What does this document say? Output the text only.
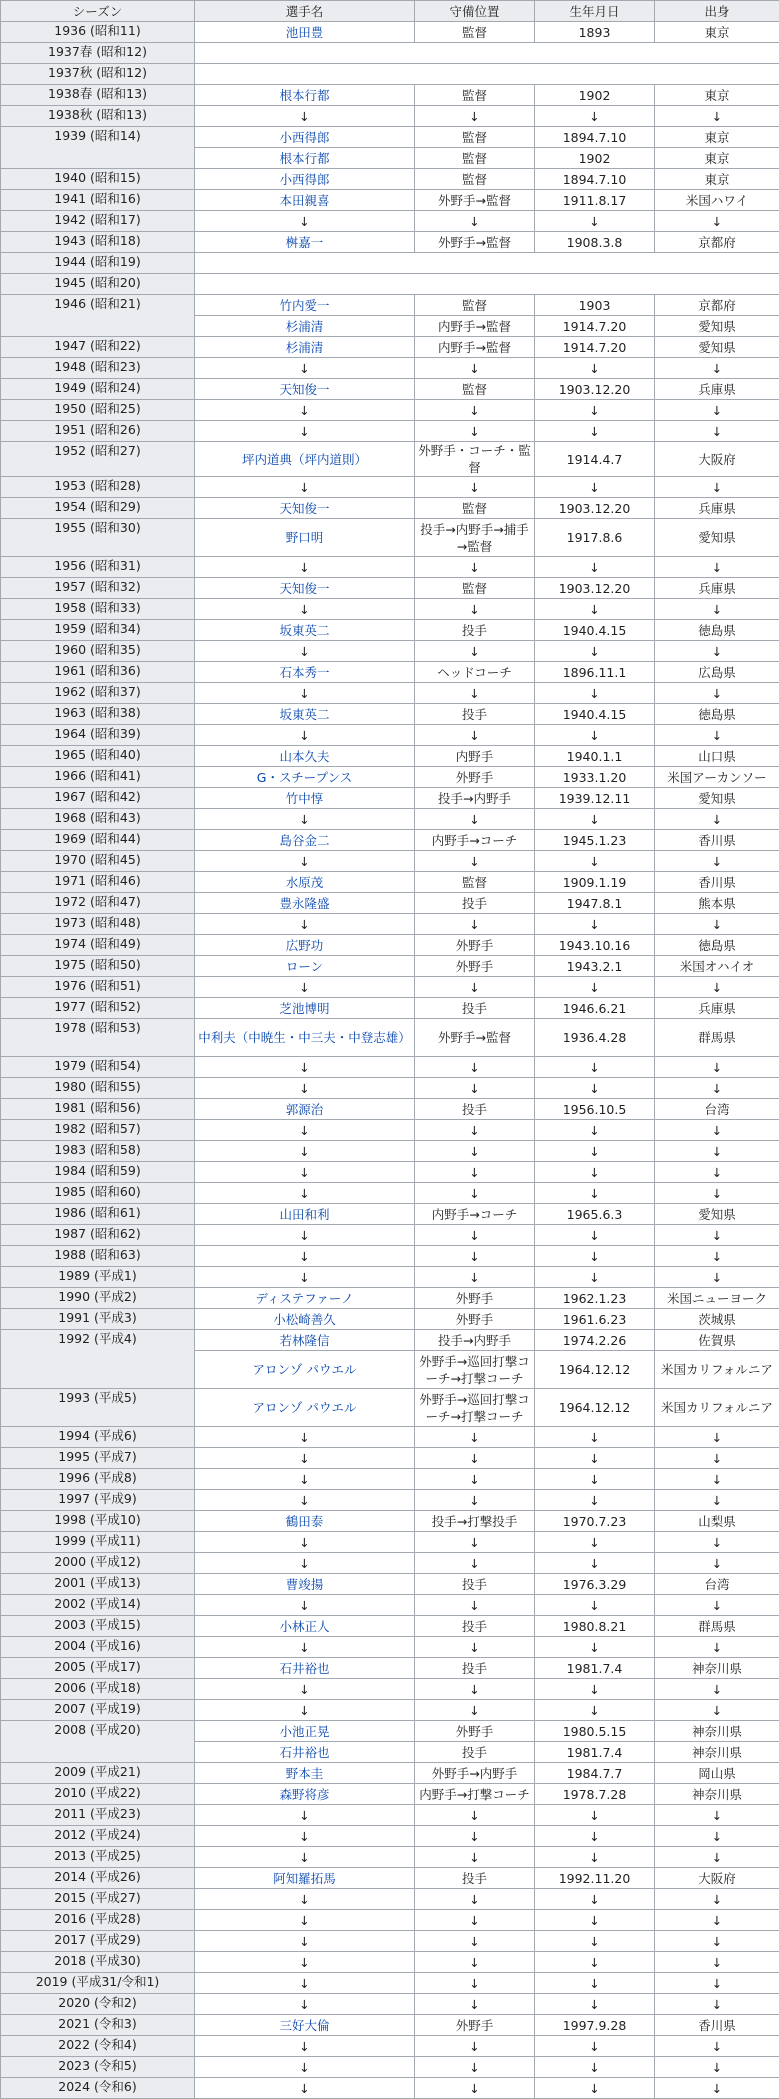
シーズン	選手名	守備位置	生年月日	出身
1936 (昭和11)	池田豊	監督	1893	東京
1937春 (昭和12)				
1937秋 (昭和12)				
1938春 (昭和13)	根本行都	監督	1902	東京
1938秋 (昭和13)	↓	↓	↓	↓
1939 (昭和14)	小西得郎	監督	1894.7.10	東京
	根本行都	監督	1902	東京
1940 (昭和15)	小西得郎	監督	1894.7.10	東京
1941 (昭和16)	本田親喜	外野手→監督	1911.8.17	米国ハワイ
1942 (昭和17)	↓	↓	↓	↓
1943 (昭和18)	桝嘉一	外野手→監督	1908.3.8	京都府
1944 (昭和19)				
1945 (昭和20)				
1946 (昭和21)	竹内愛一	監督	1903	京都府
	杉浦清	内野手→監督	1914.7.20	愛知県
1947 (昭和22)	杉浦清	内野手→監督	1914.7.20	愛知県
1948 (昭和23)	↓	↓	↓	↓
1949 (昭和24)	天知俊一	監督	1903.12.20	兵庫県
1950 (昭和25)	↓	↓	↓	↓
1951 (昭和26)	↓	↓	↓	↓
1952 (昭和27)	坪内道典（坪内道則）	外野手・コーチ・監督	1914.4.7	大阪府
1953 (昭和28)	↓	↓	↓	↓
1954 (昭和29)	天知俊一	監督	1903.12.20	兵庫県
1955 (昭和30)	野口明	投手→内野手→捕手→監督	1917.8.6	愛知県
1956 (昭和31)	↓	↓	↓	↓
1957 (昭和32)	天知俊一	監督	1903.12.20	兵庫県
1958 (昭和33)	↓	↓	↓	↓
1959 (昭和34)	坂東英二	投手	1940.4.15	徳島県
1960 (昭和35)	↓	↓	↓	↓
1961 (昭和36)	石本秀一	ヘッドコーチ	1896.11.1	広島県
1962 (昭和37)	↓	↓	↓	↓
1963 (昭和38)	坂東英二	投手	1940.4.15	徳島県
1964 (昭和39)	↓	↓	↓	↓
1965 (昭和40)	山本久夫	内野手	1940.1.1	山口県
1966 (昭和41)	G・スチープンス	外野手	1933.1.20	米国アーカンソー
1967 (昭和42)	竹中惇	投手→内野手	1939.12.11	愛知県
1968 (昭和43)	↓	↓	↓	↓
1969 (昭和44)	島谷金二	内野手→コーチ	1945.1.23	香川県
1970 (昭和45)	↓	↓	↓	↓
1971 (昭和46)	水原茂	監督	1909.1.19	香川県
1972 (昭和47)	豊永隆盛	投手	1947.8.1	熊本県
1973 (昭和48)	↓	↓	↓	↓
1974 (昭和49)	広野功	外野手	1943.10.16	徳島県
1975 (昭和50)	ローン	外野手	1943.2.1	米国オハイオ
1976 (昭和51)	↓	↓	↓	↓
1977 (昭和52)	芝池博明	投手	1946.6.21	兵庫県
1978 (昭和53)	中利夫（中暁生・中三夫・中登志雄）	外野手→監督	1936.4.28	群馬県
1979 (昭和54)	↓	↓	↓	↓
1980 (昭和55)	↓	↓	↓	↓
1981 (昭和56)	郭源治	投手	1956.10.5	台湾
1982 (昭和57)	↓	↓	↓	↓
1983 (昭和58)	↓	↓	↓	↓
1984 (昭和59)	↓	↓	↓	↓
1985 (昭和60)	↓	↓	↓	↓
1986 (昭和61)	山田和利	内野手→コーチ	1965.6.3	愛知県
1987 (昭和62)	↓	↓	↓	↓
1988 (昭和63)	↓	↓	↓	↓
1989 (平成1)	↓	↓	↓	↓
1990 (平成2)	ディステファーノ	外野手	1962.1.23	米国ニューヨーク
1991 (平成3)	小松崎善久	外野手	1961.6.23	茨城県
1992 (平成4)	若林隆信	投手→内野手	1974.2.26	佐賀県
	アロンゾ パウエル	外野手→巡回打撃コーチ→打撃コーチ	1964.12.12	米国カリフォルニア
1993 (平成5)	アロンゾ パウエル	外野手→巡回打撃コーチ→打撃コーチ	1964.12.12	米国カリフォルニア
1994 (平成6)	↓	↓	↓	↓
1995 (平成7)	↓	↓	↓	↓
1996 (平成8)	↓	↓	↓	↓
1997 (平成9)	↓	↓	↓	↓
1998 (平成10)	鶴田泰	投手→打撃投手	1970.7.23	山梨県
1999 (平成11)	↓	↓	↓	↓
2000 (平成12)	↓	↓	↓	↓
2001 (平成13)	曹竣揚	投手	1976.3.29	台湾
2002 (平成14)	↓	↓	↓	↓
2003 (平成15)	小林正人	投手	1980.8.21	群馬県
2004 (平成16)	↓	↓	↓	↓
2005 (平成17)	石井裕也	投手	1981.7.4	神奈川県
2006 (平成18)	↓	↓	↓	↓
2007 (平成19)	↓	↓	↓	↓
2008 (平成20)	小池正晃	外野手	1980.5.15	神奈川県
	石井裕也	投手	1981.7.4	神奈川県
2009 (平成21)	野本圭	外野手→内野手	1984.7.7	岡山県
2010 (平成22)	森野将彦	内野手→打撃コーチ	1978.7.28	神奈川県
2011 (平成23)	↓	↓	↓	↓
2012 (平成24)	↓	↓	↓	↓
2013 (平成25)	↓	↓	↓	↓
2014 (平成26)	阿知羅拓馬	投手	1992.11.20	大阪府
2015 (平成27)	↓	↓	↓	↓
2016 (平成28)	↓	↓	↓	↓
2017 (平成29)	↓	↓	↓	↓
2018 (平成30)	↓	↓	↓	↓
2019 (平成31/令和1)	↓	↓	↓	↓
2020 (令和2)	↓	↓	↓	↓
2021 (令和3)	三好大倫	外野手	1997.9.28	香川県
2022 (令和4)	↓	↓	↓	↓
2023 (令和5)	↓	↓	↓	↓
2024 (令和6)	↓	↓	↓	↓
